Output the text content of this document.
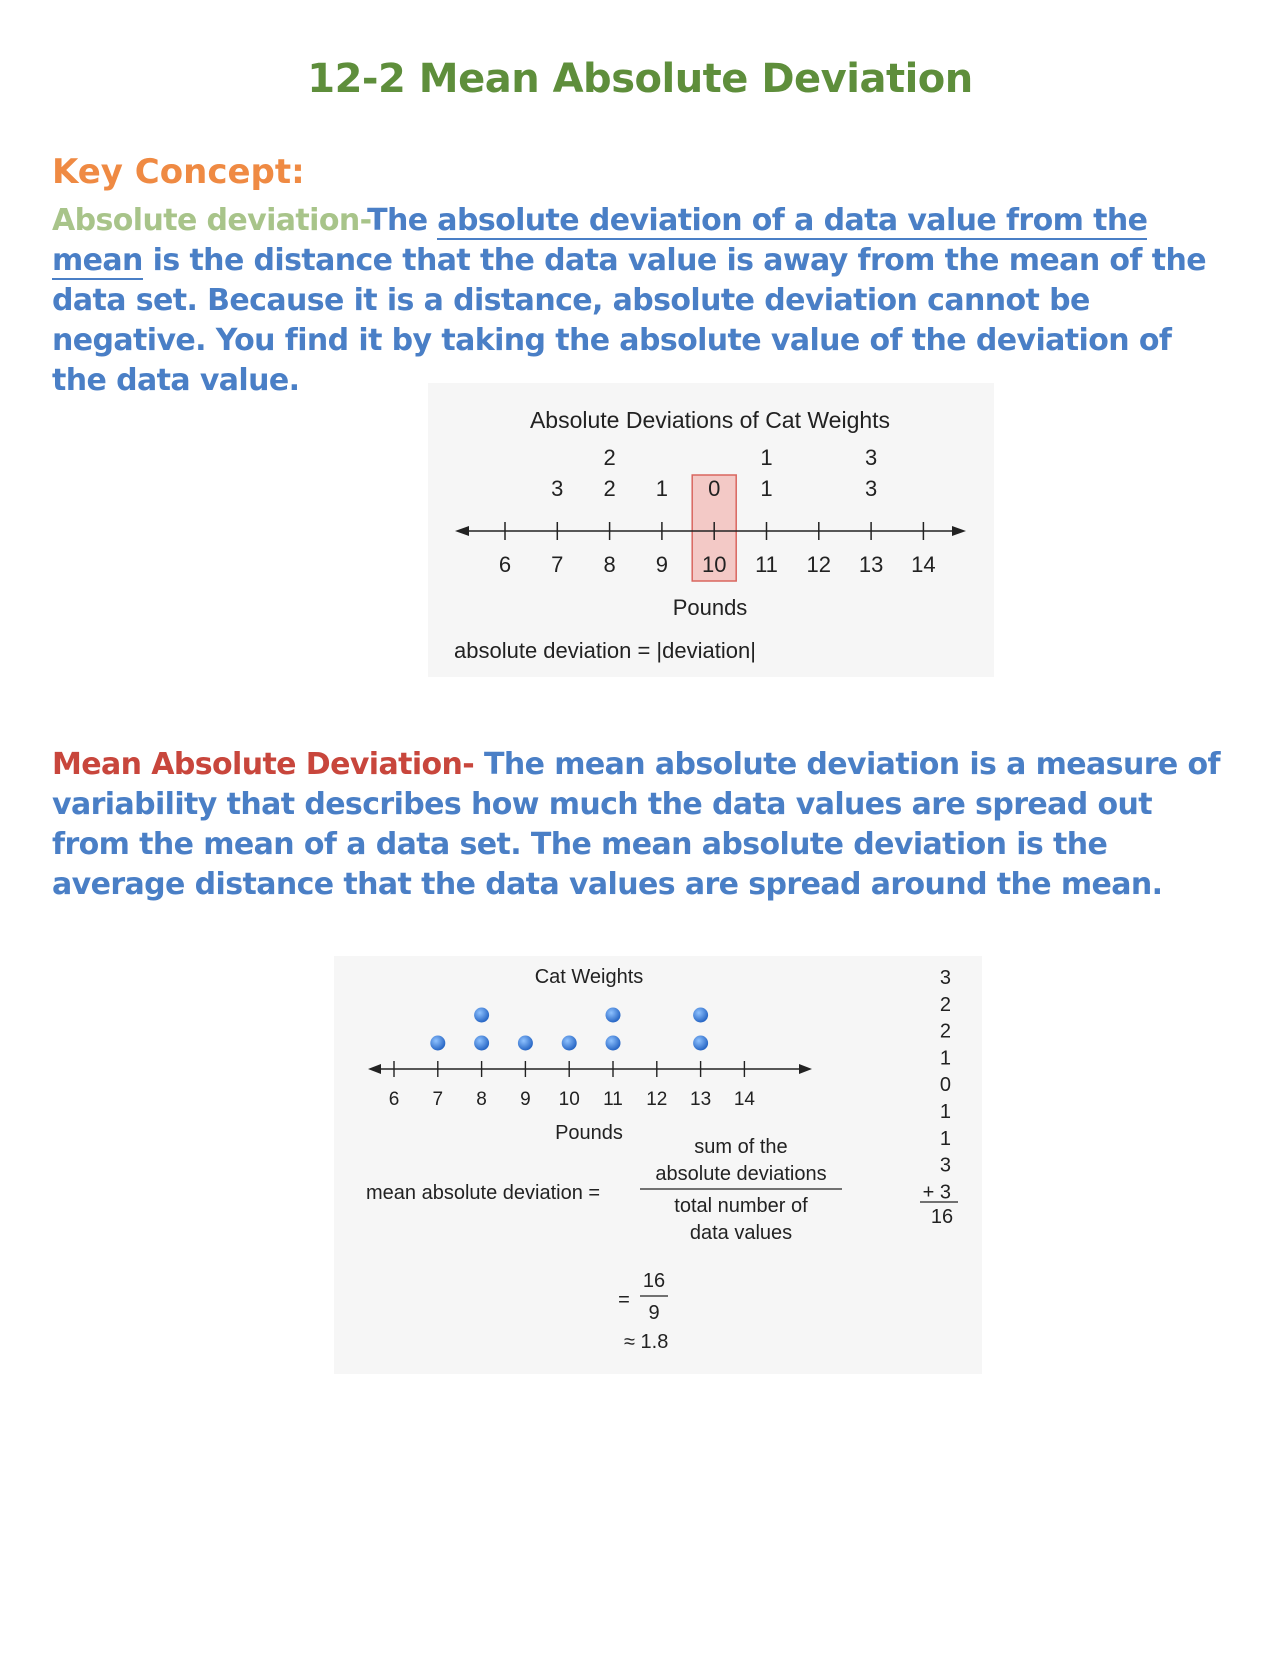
12-2 Mean Absolute Deviation
Key Concept:
Absolute deviation-The absolute deviation of a data value from the mean is the distance that the data value is away from the mean of the data set. Because it is a distance, absolute deviation cannot be negative. You find it by taking the absolute value of the deviation of the data value.
Absolute Deviations of Cat Weights
6 7 8 9 10 11 12 13 14
3 2
2
1 0 1
1
3
3
Pounds
absolute deviation = |deviation|
Mean Absolute Deviation- The mean absolute deviation is a measure of variability that describes how much the data values are spread out from the mean of a data set. The mean absolute deviation is the average distance that the data values are spread around the mean.
Cat Weights
6 7 8 9 10 11 12 13 14
Pounds
mean absolute deviation =
sum of the
absolute deviations
total number of
data values
=
16
9
≈ 1.8
3
2
2
1
0
1
1
3
+ 3
16
